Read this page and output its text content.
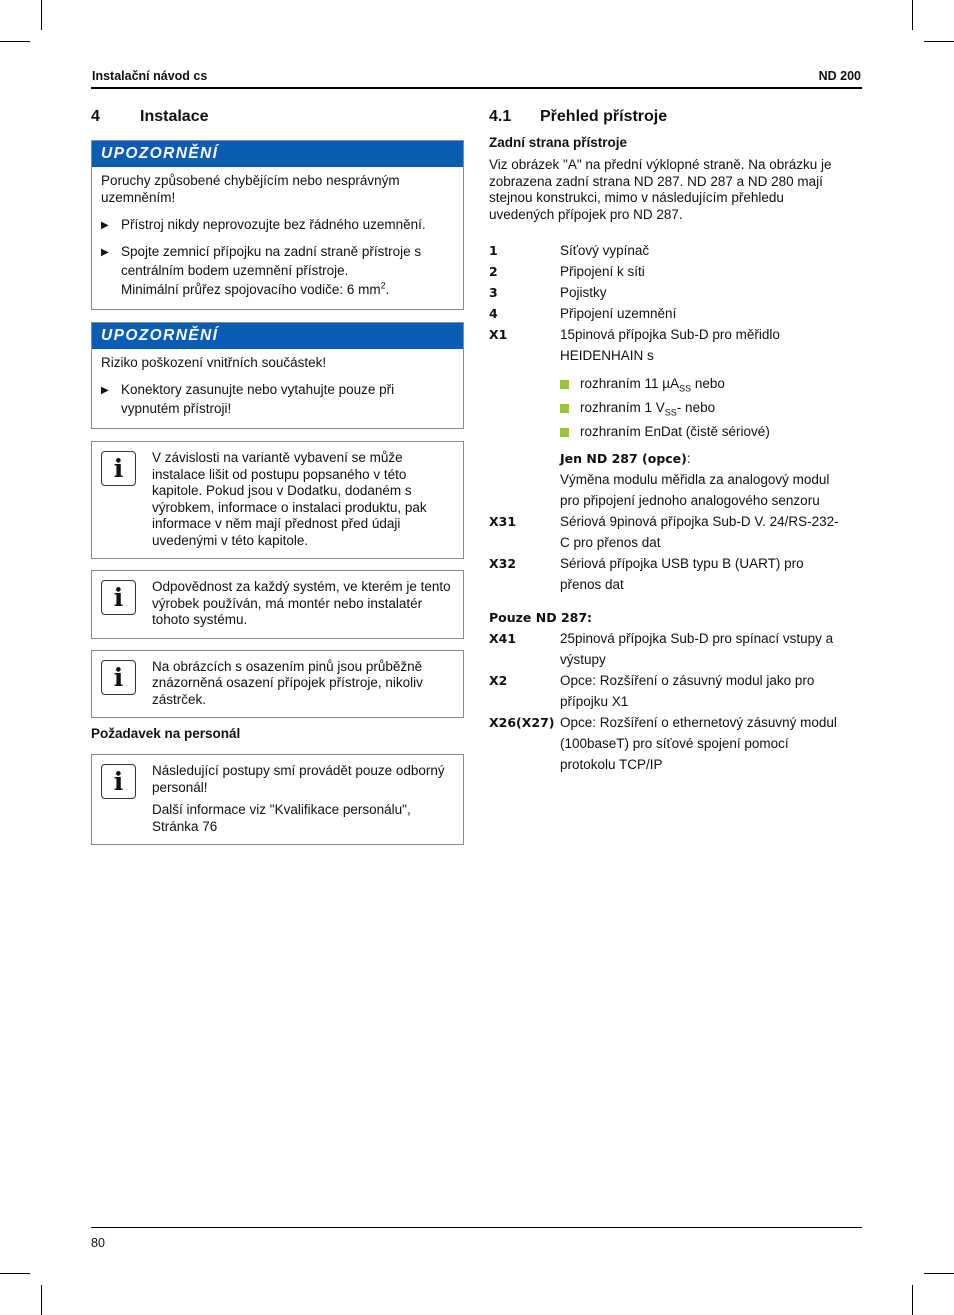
Instalační návod cs	ND 200
4	Instalace
UPOZORNĚNÍ

Poruchy způsobené chybějícím nebo nesprávným uzemněním!

▶ Přístroj nikdy neprovozujte bez řádného uzemnění.
▶ Spojte zemnicí přípojku na zadní straně přístroje s centrálním bodem uzemnění přístroje.
Minimální průřez spojovacího vodiče: 6 $mm^2$.
UPOZORNĚNÍ

Riziko poškození vnitřních součástek!

▶ Konektory zasunujte nebo vytahujte pouze při vypnutém přístroji!
i V závislosti na variantě vybavení se může instalace lišit od postupu popsaného v této kapitole. Pokud jsou v Dodatku, dodaném s výrobkem, informace o instalaci produktu, pak informace v něm mají přednost před údaji uvedenými v této kapitole.

i Odpovědnost za každý systém, ve kterém je tento výrobek používán, má montér nebo instalatér tohoto systému.

i Na obrázcích s osazením pinů jsou průběžně znázorněná osazení přípojek přístroje, nikoliv zástrček.

Požadavek na personál
i Následující postupy smí provádět pouze odborný personál!

Další informace viz "Kvalifikace personálu", Stránka 76

4.1	Přehled přístroje
Zadní strana přístroje
Viz obrázek "A" na přední výklopné straně. Na obrázku je zobrazena zadní strana ND 287. ND 287 a ND 280 mají stejnou konstrukci, mimo v následujícím přehledu uvedených přípojek pro ND 287.
1	Síťový vypínač
2	Připojení k síti
3	Pojistky
4	Připojení uzemnění
X1	15pinová přípojka Sub-D pro měřidlo HEIDENHAIN s
rozhraním 11 µA$_{SS}$ nebo
rozhraním 1 $V_{SS}-$ nebo
rozhraním EnDat (čistě sériové)
Jen ND 287 (opce):
Výměna modulu měřidla za analogový modul pro připojení jednoho analogového senzoru
X31	Sériová 9pinová přípojka Sub-D V. 24/RS-232-C pro přenos dat
X32	Sériová přípojka USB typu B (UART) pro přenos dat
Pouze ND 287:
X41	25pinová přípojka Sub-D pro spínací vstupy a výstupy
X2	Opce: Rozšíření o zásuvný modul jako pro přípojku X1
X26(X27) Opce: Rozšíření o ethernetový zásuvný modul (100baseT) pro síťové spojení pomocí protokolu TCP/IP
80
